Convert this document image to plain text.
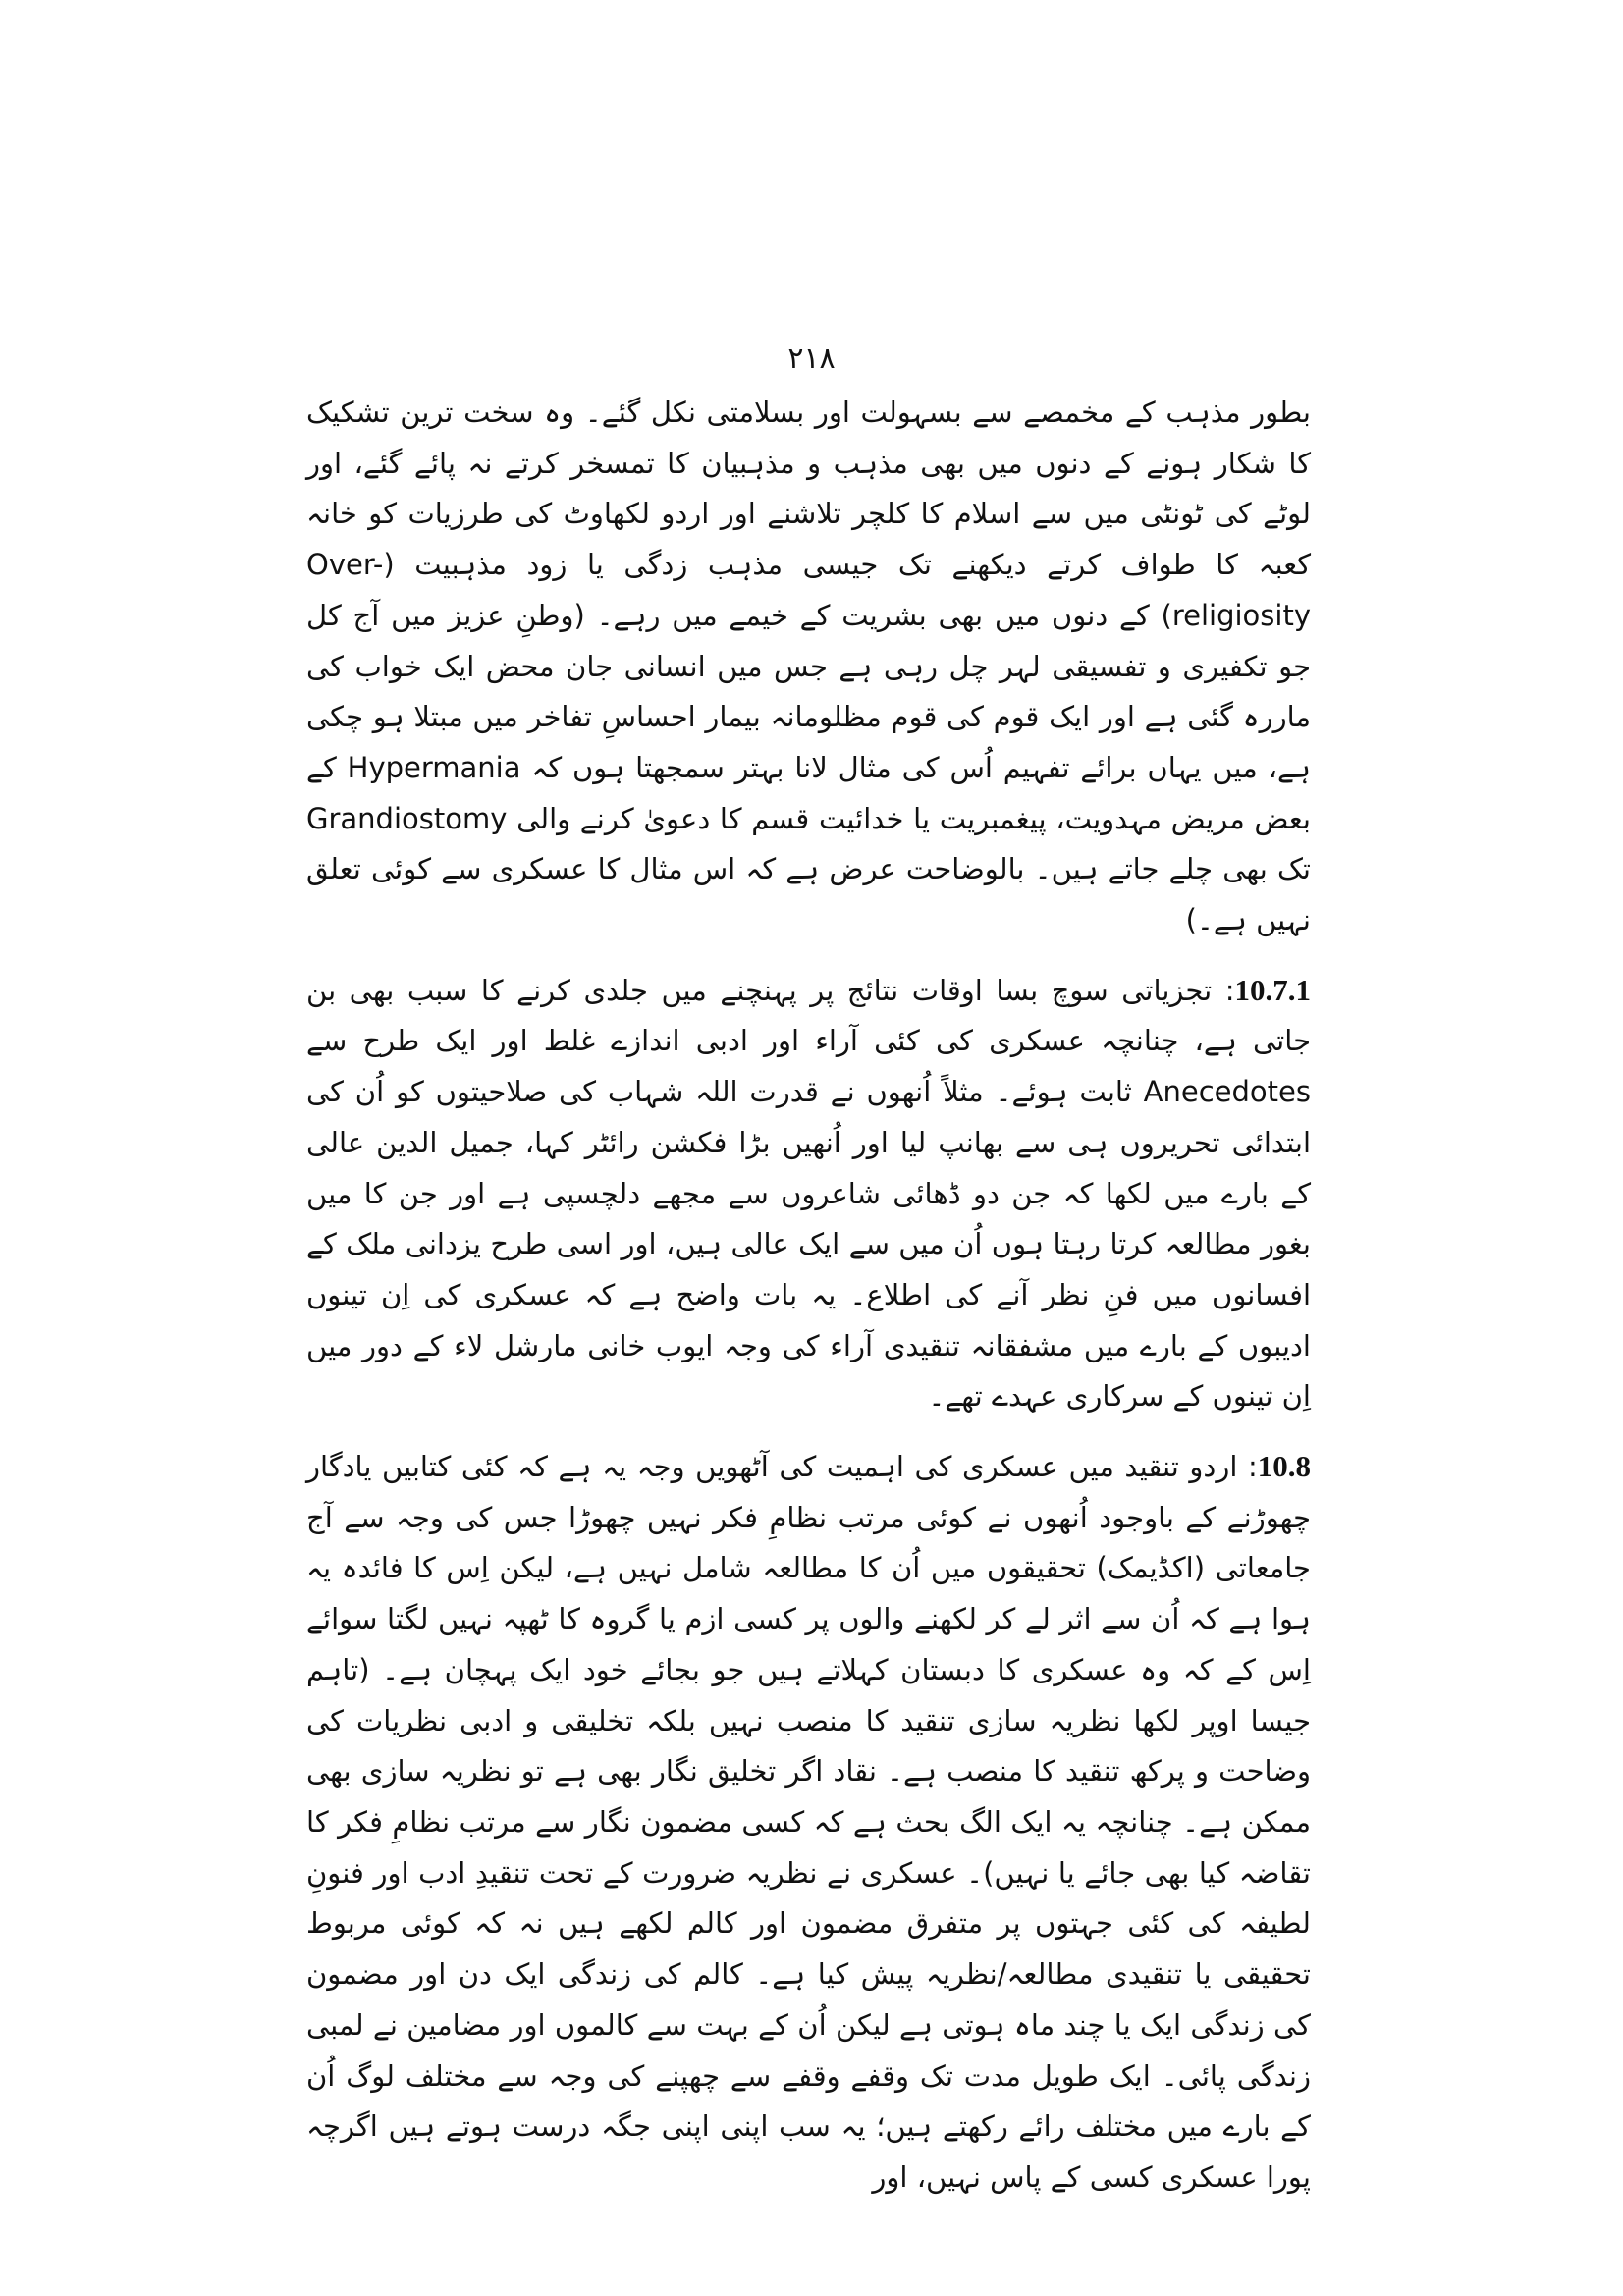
۲۱۸

بطور مذہب کے مخمصے سے بسہولت اور بسلامتی نکل گئے۔ وہ سخت ترین تشکیک کا شکار ہونے کے دنوں میں بھی مذہب و مذہبیان کا تمسخر کرتے نہ پائے گئے، اور لوٹے کی ٹونٹی میں سے اسلام کا کلچر تلاشنے اور اردو لکھاوٹ کی طرزیات کو خانہ کعبہ کا طواف کرتے دیکھنے تک جیسی مذہب زدگی یا زود مذہبیت (Over-religiosity) کے دنوں میں بھی بشریت کے خیمے میں رہے۔ (وطنِ عزیز میں آج کل جو تکفیری و تفسیقی لہر چل رہی ہے جس میں انسانی جان محض ایک خواب کی ماررہ گئی ہے اور ایک قوم کی قوم مظلومانہ بیمار احساسِ تفاخر میں مبتلا ہو چکی ہے، میں یہاں برائے تفہیم اُس کی مثال لانا بہتر سمجھتا ہوں کہ Hypermania کے بعض مریض مہدویت، پیغمبریت یا خدائیت قسم کا دعویٰ کرنے والی Grandiostomy تک بھی چلے جاتے ہیں۔ بالوضاحت عرض ہے کہ اس مثال کا عسکری سے کوئی تعلق نہیں ہے۔)

10.7.1: تجزیاتی سوچ بسا اوقات نتائج پر پہنچنے میں جلدی کرنے کا سبب بھی بن جاتی ہے، چنانچہ عسکری کی کئی آراء اور ادبی اندازے غلط اور ایک طرح سے Anecedotes ثابت ہوئے۔ مثلاً اُنھوں نے قدرت اللہ شہاب کی صلاحیتوں کو اُن کی ابتدائی تحریروں ہی سے بھانپ لیا اور اُنھیں بڑا فکشن رائٹر کہا، جمیل الدین عالی کے بارے میں لکھا کہ جن دو ڈھائی شاعروں سے مجھے دلچسپی ہے اور جن کا میں بغور مطالعہ کرتا رہتا ہوں اُن میں سے ایک عالی ہیں، اور اسی طرح یزدانی ملک کے افسانوں میں فنِ نظر آنے کی اطلاع۔ یہ بات واضح ہے کہ عسکری کی اِن تینوں ادیبوں کے بارے میں مشفقانہ تنقیدی آراء کی وجہ ایوب خانی مارشل لاء کے دور میں اِن تینوں کے سرکاری عہدے تھے۔

10.8: اردو تنقید میں عسکری کی اہمیت کی آٹھویں وجہ یہ ہے کہ کئی کتابیں یادگار چھوڑنے کے باوجود اُنھوں نے کوئی مرتب نظامِ فکر نہیں چھوڑا جس کی وجہ سے آج جامعاتی (اکڈیمک) تحقیقوں میں اُن کا مطالعہ شامل نہیں ہے، لیکن اِس کا فائدہ یہ ہوا ہے کہ اُن سے اثر لے کر لکھنے والوں پر کسی ازم یا گروہ کا ٹھپہ نہیں لگتا سوائے اِس کے کہ وہ عسکری کا دبستان کہلاتے ہیں جو بجائے خود ایک پہچان ہے۔ (تاہم جیسا اوپر لکھا نظریہ سازی تنقید کا منصب نہیں بلکہ تخلیقی و ادبی نظریات کی وضاحت و پرکھ تنقید کا منصب ہے۔ نقاد اگر تخلیق نگار بھی ہے تو نظریہ سازی بھی ممکن ہے۔ چنانچہ یہ ایک الگ بحث ہے کہ کسی مضمون نگار سے مرتب نظامِ فکر کا تقاضہ کیا بھی جائے یا نہیں)۔ عسکری نے نظریہ ضرورت کے تحت تنقیدِ ادب اور فنونِ لطیفہ کی کئی جہتوں پر متفرق مضمون اور کالم لکھے ہیں نہ کہ کوئی مربوط تحقیقی یا تنقیدی مطالعہ/نظریہ پیش کیا ہے۔ کالم کی زندگی ایک دن اور مضمون کی زندگی ایک یا چند ماہ ہوتی ہے لیکن اُن کے بہت سے کالموں اور مضامین نے لمبی زندگی پائی۔ ایک طویل مدت تک وقفے وقفے سے چھپنے کی وجہ سے مختلف لوگ اُن کے بارے میں مختلف رائے رکھتے ہیں؛ یہ سب اپنی اپنی جگہ درست ہوتے ہیں اگرچہ پورا عسکری کسی کے پاس نہیں، اور
